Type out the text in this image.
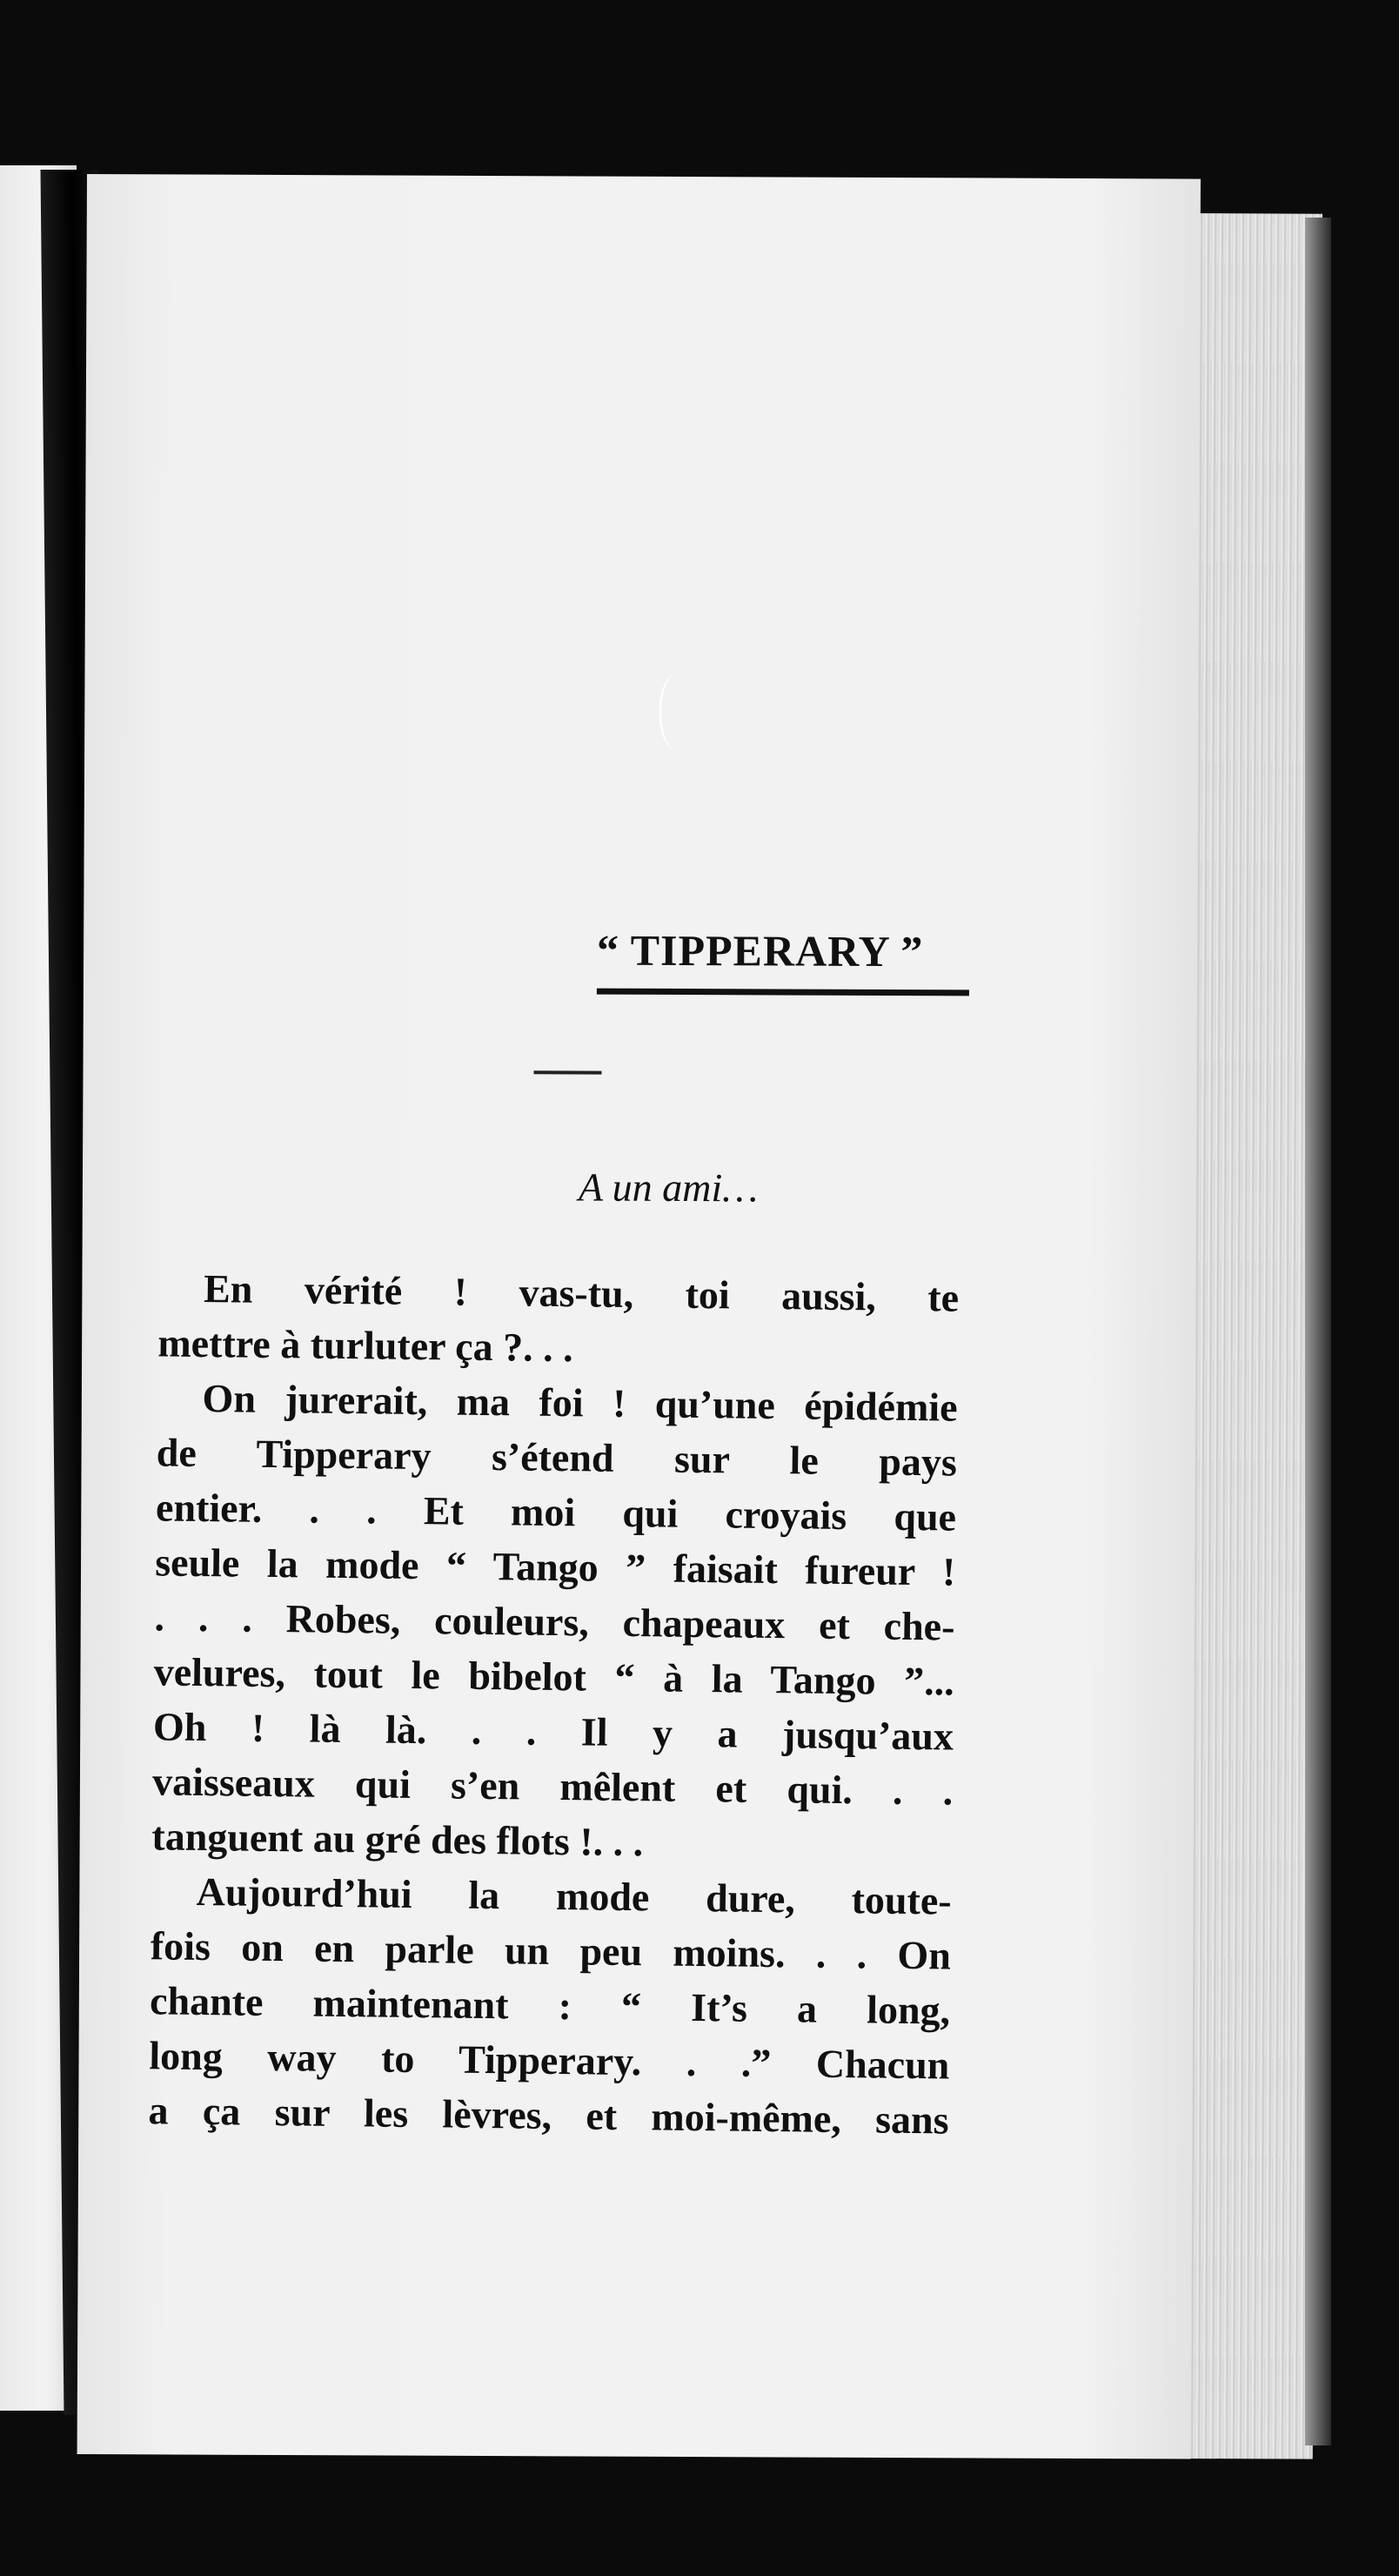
“ TIPPERARY ”
A un ami…
En vérité ! vas-tu, toi aussi, te
mettre à turluter ça ?. . .
On jurerait, ma foi ! qu’une épidémie
de Tipperary s’étend sur le pays
entier. . . Et moi qui croyais que
seule la mode “ Tango ” faisait fureur !
. . . Robes, couleurs, chapeaux et che-
velures, tout le bibelot “ à la Tango ”...
Oh ! là là. . . Il y a jusqu’aux
vaisseaux qui s’en mêlent et qui. . .
tanguent au gré des flots !. . .
Aujourd’hui la mode dure, toute-
fois on en parle un peu moins. . . On
chante maintenant : “ It’s a long,
long way to Tipperary. . .” Chacun
a ça sur les lèvres, et moi-même, sans
